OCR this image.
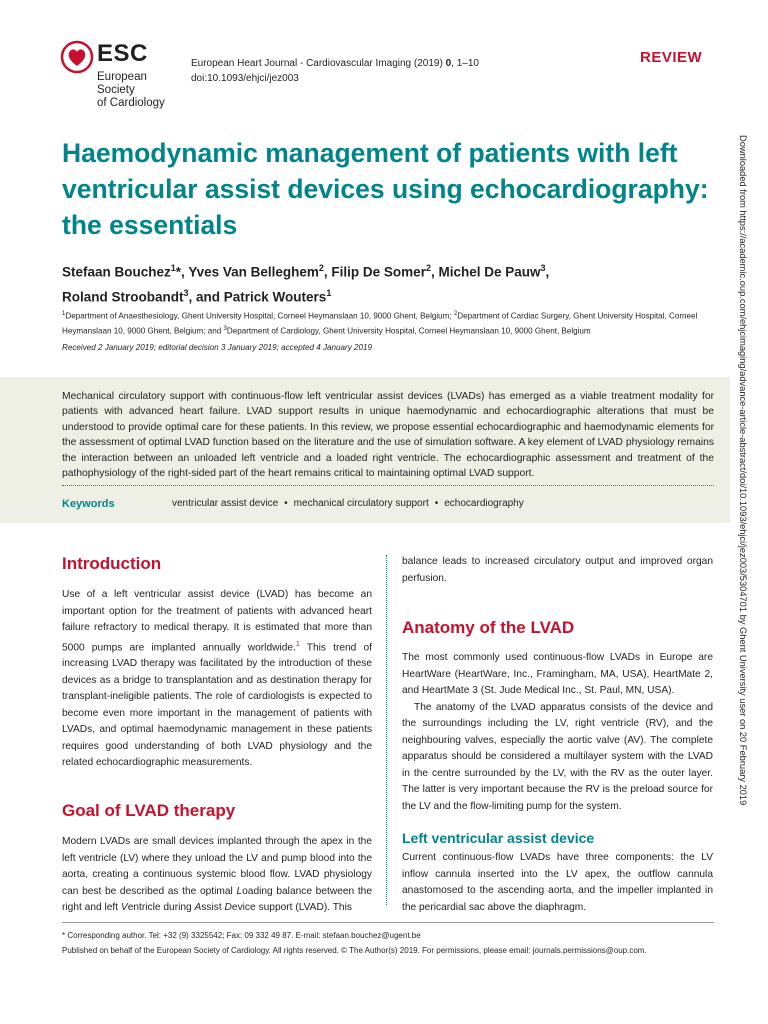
ESC
European Society
of Cardiology
European Heart Journal - Cardiovascular Imaging (2019) 0, 1–10
doi:10.1093/ehjci/jez003
REVIEW
Haemodynamic management of patients with left ventricular assist devices using echocardiography: the essentials
Stefaan Bouchez$^1$*, Yves Van Belleghem$^2$, Filip De Somer$^2$, Michel De Pauw$^3$,
Roland Stroobandt$^3$, and Patrick Wouters$^1$
$^1$Department of Anaesthesiology, Ghent University Hospital, Corneel Heymanslaan 10, 9000 Ghent, Belgium; $^2$Department of Cardiac Surgery, Ghent University Hospital, Corneel Heymanslaan 10, 9000 Ghent, Belgium; and $^3$Department of Cardiology, Ghent University Hospital, Corneel Heymanslaan 10, 9000 Ghent, Belgium
Received 2 January 2019; editorial decision 3 January 2019; accepted 4 January 2019
Mechanical circulatory support with continuous-flow left ventricular assist devices (LVADs) has emerged as a viable treatment modality for patients with advanced heart failure. LVAD support results in unique haemodynamic and echocardiographic alterations that must be understood to provide optimal care for these patients. In this review, we propose essential echocardiographic and haemodynamic elements for the assessment of optimal LVAD function based on the literature and the use of simulation software. A key element of LVAD physiology remains the interaction between an unloaded left ventricle and a loaded right ventricle. The echocardiographic assessment and treatment of the pathophysiology of the right-sided part of the heart remains critical to maintaining optimal LVAD support.
Keywords	ventricular assist device • mechanical circulatory support • echocardiography
Introduction

Use of a left ventricular assist device (LVAD) has become an important option for the treatment of patients with advanced heart failure refractory to medical therapy. It is estimated that more than 5000 pumps are implanted annually worldwide.$^1$ This trend of increasing LVAD therapy was facilitated by the introduction of these devices as a bridge to transplantation and as destination therapy for transplant-ineligible patients. The role of cardiologists is expected to become even more important in the management of patients with LVADs, and optimal haemodynamic management in these patients requires good understanding of both LVAD physiology and the related echocardiographic measurements.

Goal of LVAD therapy

Modern LVADs are small devices implanted through the apex in the left ventricle (LV) where they unload the LV and pump blood into the aorta, creating a continuous systemic blood flow. LVAD physiology can best be described as the optimal Loading balance between the right and left Ventricle during Assist Device support (LVAD). This

balance leads to increased circulatory output and improved organ perfusion.

Anatomy of the LVAD

The most commonly used continuous-flow LVADs in Europe are HeartWare (HeartWare, Inc., Framingham, MA, USA), HeartMate 2, and HeartMate 3 (St. Jude Medical Inc., St. Paul, MN, USA).

The anatomy of the LVAD apparatus consists of the device and the surroundings including the LV, right ventricle (RV), and the neighbouring valves, especially the aortic valve (AV). The complete apparatus should be considered a multilayer system with the LVAD in the centre surrounded by the LV, with the RV as the outer layer. The latter is very important because the RV is the preload source for the LV and the flow-limiting pump for the system.

Left ventricular assist device

Current continuous-flow LVADs have three components: the LV inflow cannula inserted into the LV apex, the outflow cannula anastomosed to the ascending aorta, and the impeller implanted in the pericardial sac above the diaphragm.

* Corresponding author. Tel: +32 (9) 3325542; Fax: 09 332 49 87. E-mail: stefaan.bouchez@ugent.be
Published on behalf of the European Society of Cardiology. All rights reserved. © The Author(s) 2019. For permissions, please email: journals.permissions@oup.com.
Downloaded from https://academic.oup.com/ehjcimaging/advance-article-abstract/doi/10.1093/ehjci/jez003/5304701 by Ghent University user on 20 February 2019
